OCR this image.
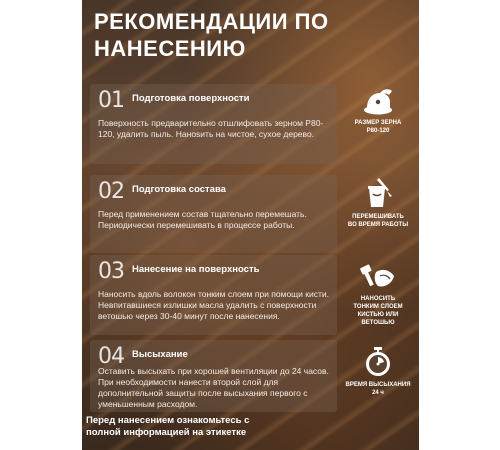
РЕКОМЕНДАЦИИ ПО
НАНЕСЕНИЮ
01 Подготовка поверхности
Поверхность предварительно отшлифовать зерном Р80-120, удалить пыль. Нанosить на чистое, сухое дерево.
РАЗМЕР ЗЕРНА
Р80-120
02 Подготовка состава
Перед применением состав тщательно перемешать. Периодически перемешивать в процессе работы.
ПЕРЕМЕШИВАТЬ
ВО ВРЕМЯ РАБОТЫ
03 Нанесение на поверхность
Наносить вдоль волокон тонким слоем при помощи кисти. Невпитавшиеся излишки масла удалить с поверхности ветошью через 30-40 минут после нанесения.
НАНОСИТЬ
ТОНКИМ СЛОЕМ
КИСТЬЮ ИЛИ ВЕТОШЬЮ
04 Высыхание
Оставить высыхать при хорошей вентиляции до 24 часов. При необходимости нанести второй слой для дополнительной защиты после высыхания первого с уменьшенным расходом.
ВРЕМЯ ВЫСЫХАНИЯ
24 ч
Перед нанесением ознакомьтесь с
полной информацией на этикетке
